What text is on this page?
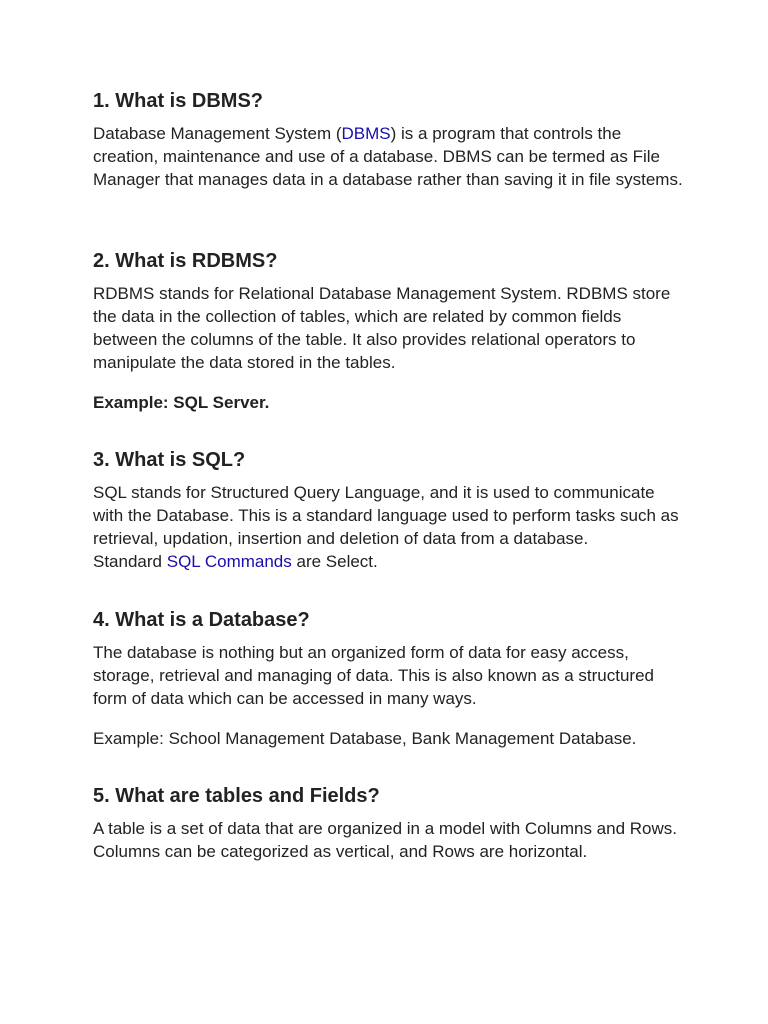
1. What is DBMS?

Database Management System (DBMS) is a program that controls the creation, maintenance and use of a database. DBMS can be termed as File Manager that manages data in a database rather than saving it in file systems.

2. What is RDBMS?

RDBMS stands for Relational Database Management System. RDBMS store the data in the collection of tables, which are related by common fields between the columns of the table. It also provides relational operators to manipulate the data stored in the tables.

Example: SQL Server.

3. What is SQL?

SQL stands for Structured Query Language, and it is used to communicate with the Database. This is a standard language used to perform tasks such as retrieval, updation, insertion and deletion of data from a database.

Standard SQL Commands are Select.

4. What is a Database?

The database is nothing but an organized form of data for easy access, storage, retrieval and managing of data. This is also known as a structured form of data which can be accessed in many ways.

Example: School Management Database, Bank Management Database.

5. What are tables and Fields?

A table is a set of data that are organized in a model with Columns and Rows. Columns can be categorized as vertical, and Rows are horizontal.
